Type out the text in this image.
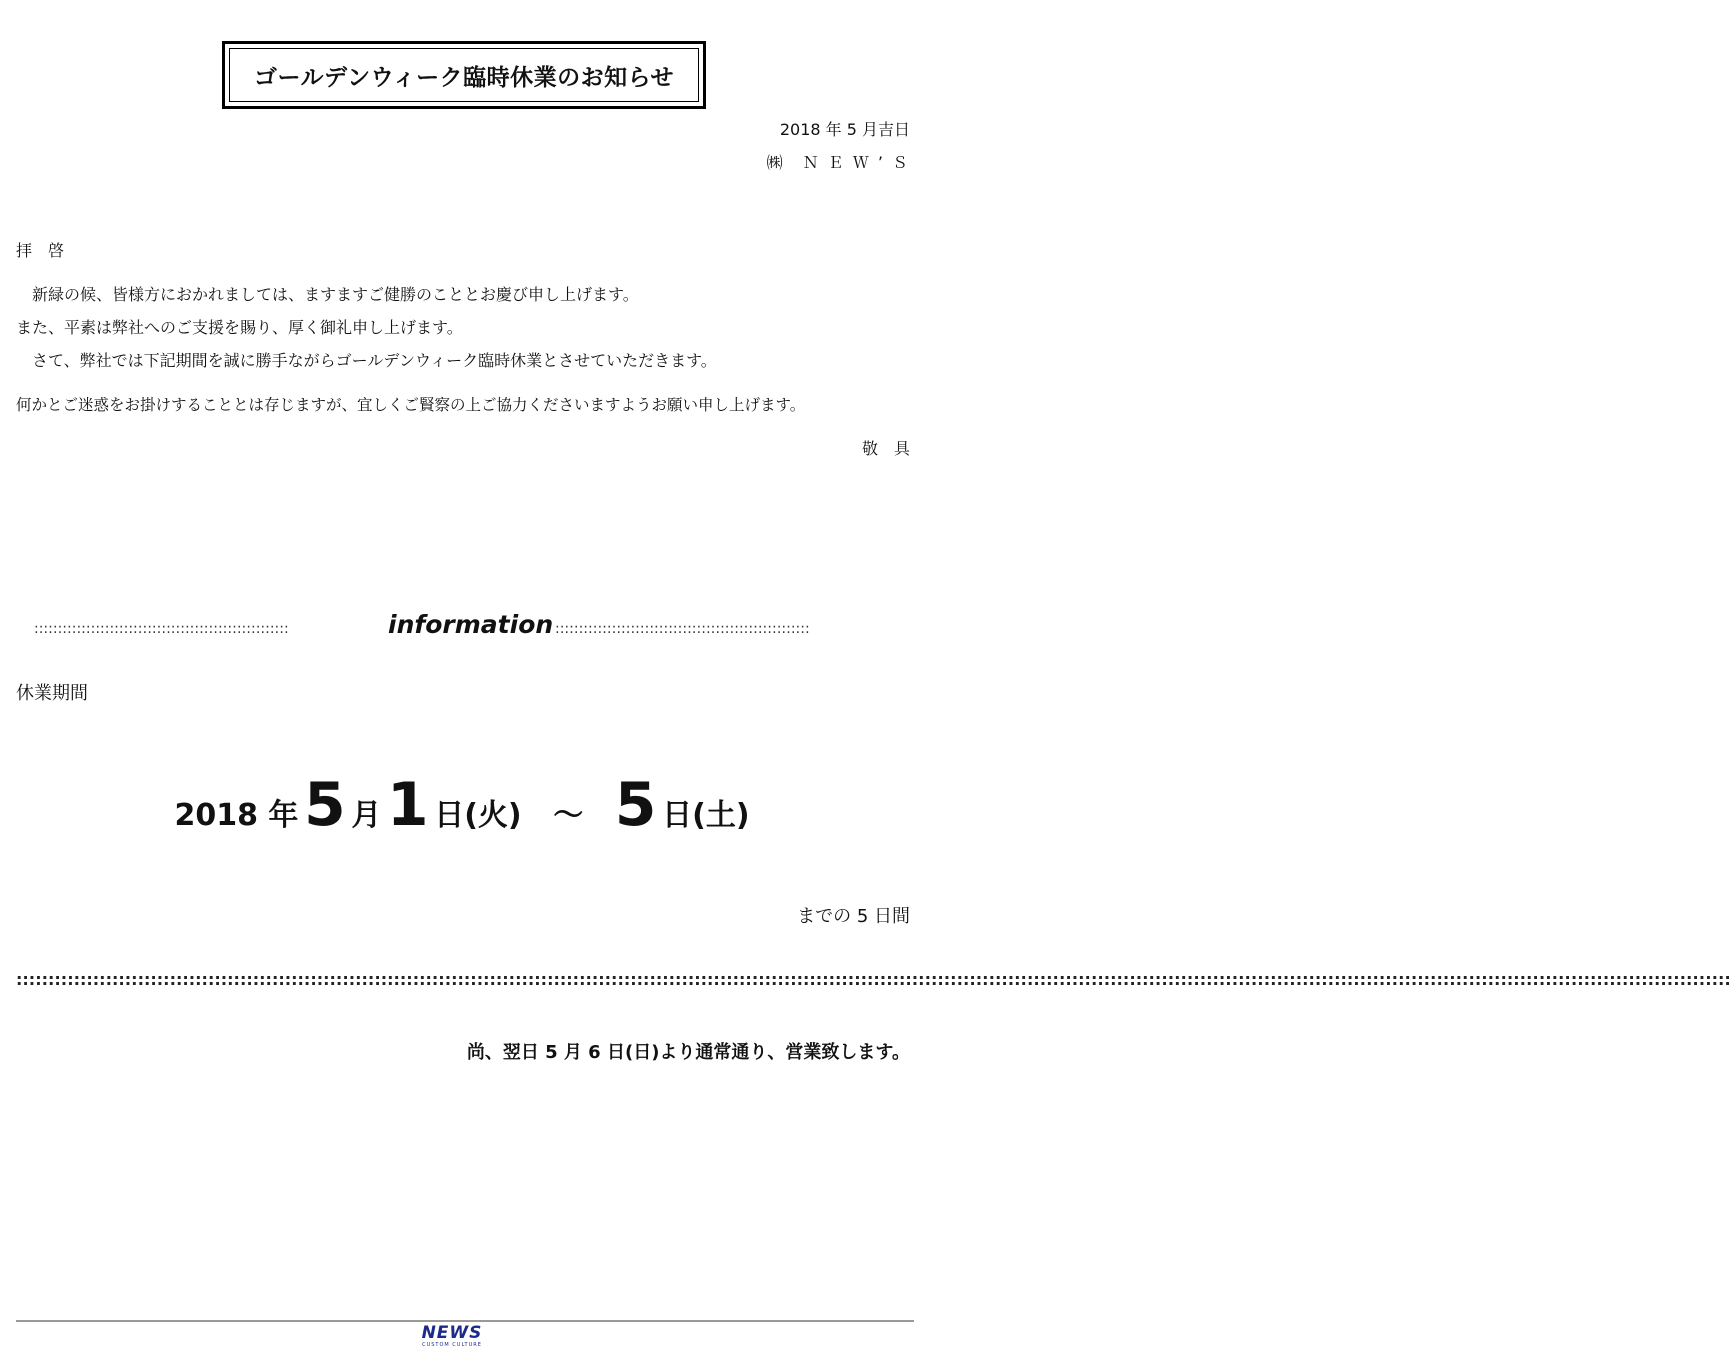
ゴールデンウィーク臨時休業のお知らせ
2018 年 5 月吉日
㈱　Ｎ Ｅ Ｗ ’ Ｓ
拝　啓
　新緑の候、皆様方におかれましては、ますますご健勝のこととお慶び申し上げます。
また、平素は弊社へのご支援を賜り、厚く御礼申し上げます。
　さて、弊社では下記期間を誠に勝手ながらゴールデンウィーク臨時休業とさせていただきます。
何かとご迷惑をお掛けすることとは存じますが、宜しくご賢察の上ご協力くださいますようお願い申し上げます。
敬　具
::::::::::::::::::::::::::::::::::::::::::::::::::::::	information ::::::::::::::::::::::::::::::::::::::::::::::::::::::
休業期間
2018 年 5 月 1 日(火) ～ 5 日(土)
までの 5 日間
::::::::::::::::::::::::::::::::::::::::::::::::::::::::::::::::::::::::::::::::::::::::::::::::::::::::::::::::::::::::::::::::::::::::::::::::::::::::::::::::::::::::::::::::::::::::::::::::::::::::::::::::::::::::::::::::::::::::::::::::::::::::::::::::::::::::::::
尚、翌日 5 月 6 日(日)より通常通り、営業致します。
NEWS
CUSTOM CULTURE
